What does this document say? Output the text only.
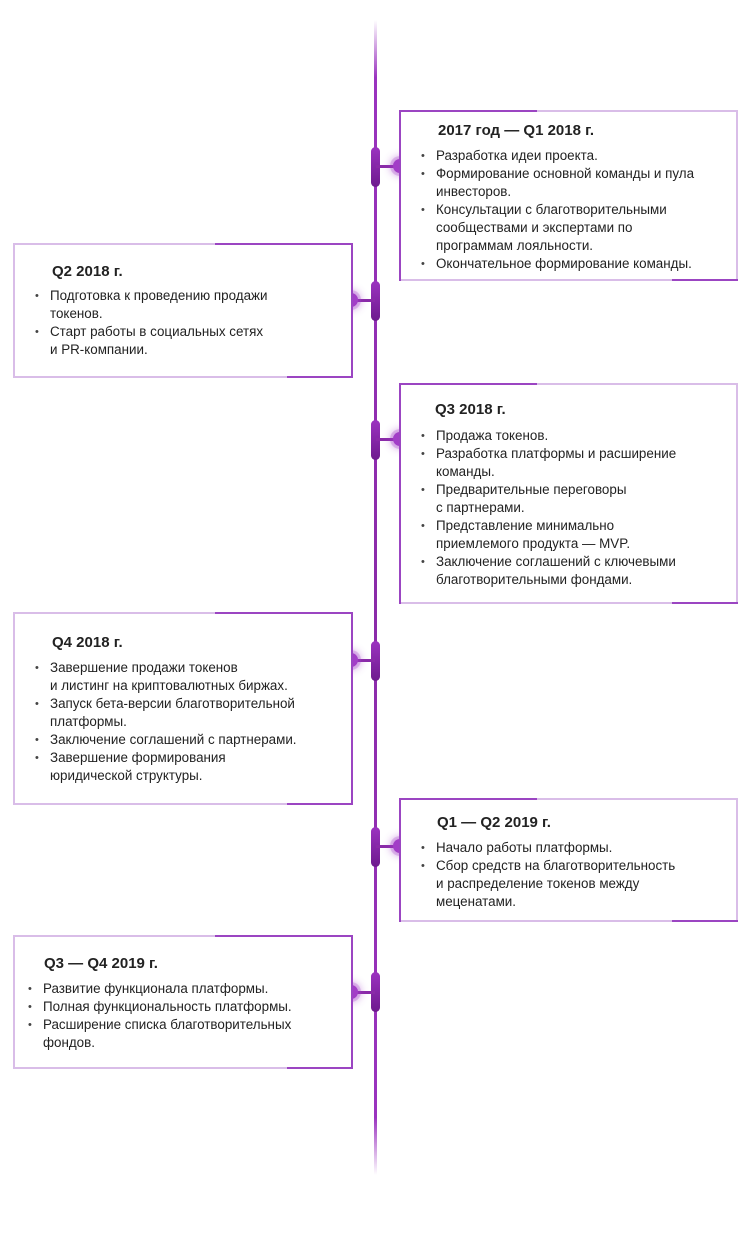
2017 год — Q1 2018 г.
• Разработка идеи проекта.
• Формирование основной команды и пула
инвесторов.
• Консультации с благотворительными
сообществами и экспертами по
программам лояльности.
• Окончательное формирование команды.
Q2 2018 г.
• Подготовка к проведению продажи
токенов.
• Старт работы в социальных сетях
и PR-компании.
Q3 2018 г.
• Продажа токенов.
• Разработка платформы и расширение
команды.
• Предварительные переговоры
с партнерами.
• Представление минимально
приемлемого продукта — MVP.
• Заключение соглашений с ключевыми
благотворительными фондами.
Q4 2018 г.
• Завершение продажи токенов
и листинг на криптовалютных биржах.
• Запуск бета-версии благотворительной
платформы.
• Заключение соглашений с партнерами.
• Завершение формирования
юридической структуры.
Q1 — Q2 2019 г.
• Начало работы платформы.
• Сбор средств на благотворительность
и распределение токенов между
меценатами.
Q3 — Q4 2019 г.
• Развитие функционала платформы.
• Полная функциональность платформы.
• Расширение списка благотворительных
фондов.
